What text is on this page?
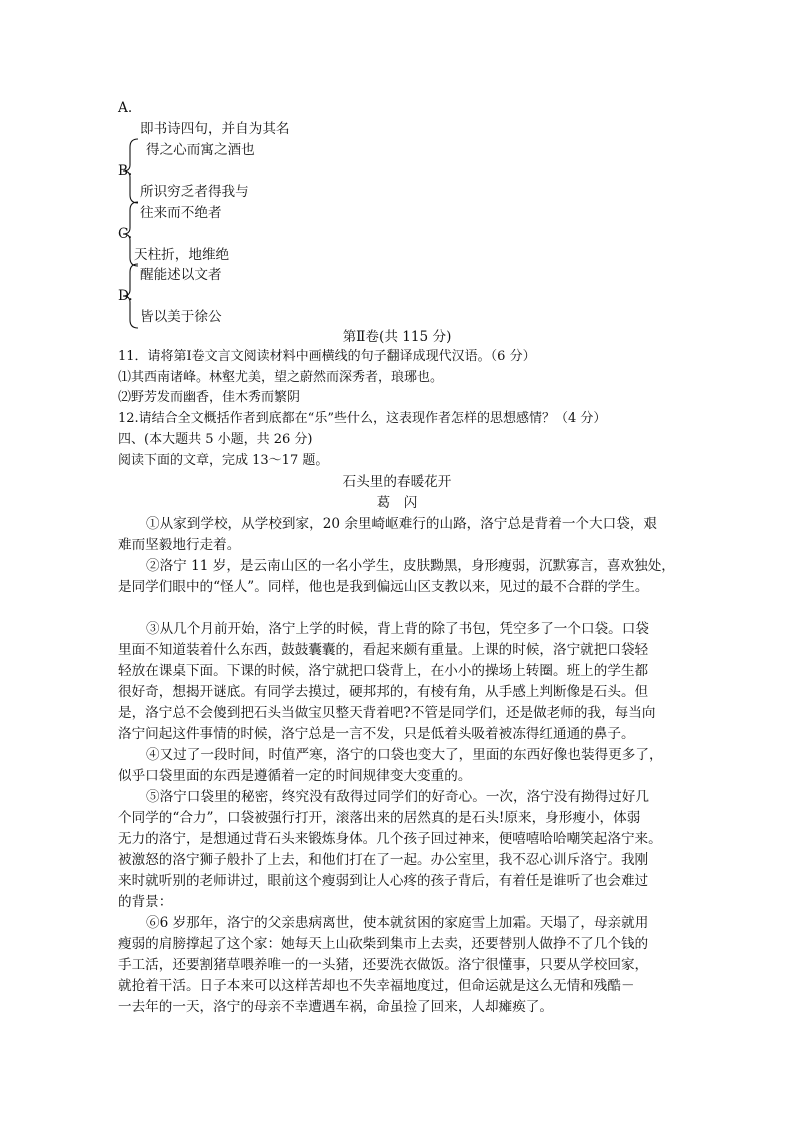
A.
即书诗四句，并自为其名
得之心而寓之酒也
B.
所识穷乏者得我与
往来而不绝者
C.
天柱折，地维绝
醒能述以文者
D.
皆以美于徐公
第Ⅱ卷(共 115 分)
11．请将第Ⅰ卷文言文阅读材料中画横线的句子翻译成现代汉语。（6 分）
⑴其西南诸峰。林壑尤美，望之蔚然而深秀者，琅琊也。
⑵野芳发而幽香，佳木秀而繁阴
12.请结合全文概括作者到底都在“乐”些什么，这表现作者怎样的思想感情？（4 分）
四、(本大题共 5 小题，共 26 分)
阅读下面的文章，完成 13～17 题。
石头里的春暖花开
葛　闪
①从家到学校，从学校到家，20 余里崎岖难行的山路，洛宁总是背着一个大口袋，艰
难而坚毅地行走着。
②洛宁 11 岁，是云南山区的一名小学生，皮肤黝黑，身形瘦弱，沉默寡言，喜欢独处，
是同学们眼中的“怪人”。同样，他也是我到偏远山区支教以来，见过的最不合群的学生。
③从几个月前开始，洛宁上学的时候，背上背的除了书包，凭空多了一个口袋。口袋
里面不知道装着什么东西，鼓鼓囊囊的，看起来颇有重量。上课的时候，洛宁就把口袋轻
轻放在课桌下面。下课的时候，洛宁就把口袋背上，在小小的操场上转圈。班上的学生都
很好奇，想揭开谜底。有同学去摸过，硬邦邦的，有棱有角，从手感上判断像是石头。但
是，洛宁总不会傻到把石头当做宝贝整天背着吧?不管是同学们，还是做老师的我，每当向
洛宁问起这件事情的时候，洛宁总是一言不发，只是低着头吸着被冻得红通通的鼻子。
④又过了一段时间，时值严寒，洛宁的口袋也变大了，里面的东西好像也装得更多了，
似乎口袋里面的东西是遵循着一定的时间规律变大变重的。
⑤洛宁口袋里的秘密，终究没有敌得过同学们的好奇心。一次，洛宁没有拗得过好几
个同学的“合力”，口袋被强行打开，滚落出来的居然真的是石头!原来，身形瘦小，体弱
无力的洛宁，是想通过背石头来锻炼身体。几个孩子回过神来，便嘻嘻哈哈嘲笑起洛宁来。
被激怒的洛宁狮子般扑了上去，和他们打在了一起。办公室里，我不忍心训斥洛宁。我刚
来时就听别的老师讲过，眼前这个瘦弱到让人心疼的孩子背后，有着任是谁听了也会难过
的背景：
⑥6 岁那年，洛宁的父亲患病离世，使本就贫困的家庭雪上加霜。天塌了，母亲就用
瘦弱的肩膀撑起了这个家：她每天上山砍柴到集市上去卖，还要替别人做挣不了几个钱的
手工活，还要割猪草喂养唯一的一头猪，还要洗衣做饭。洛宁很懂事，只要从学校回家，
就抢着干活。日子本来可以这样苦却也不失幸福地度过，但命运就是这么无情和残酷－
一去年的一天，洛宁的母亲不幸遭遇车祸，命虽捡了回来，人却瘫痪了。
